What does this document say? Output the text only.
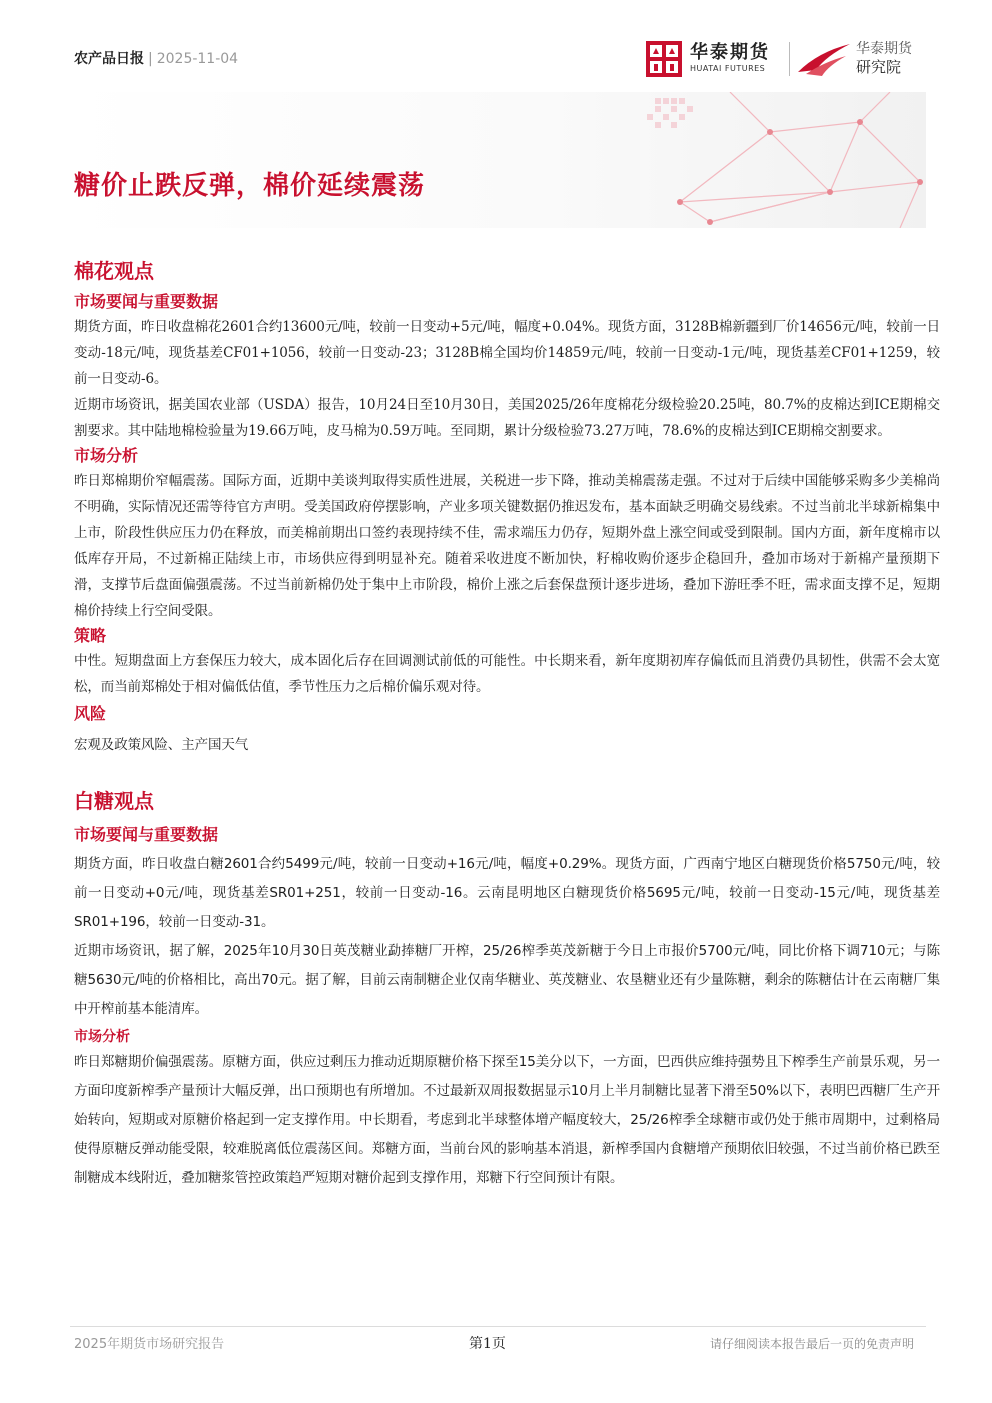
农产品日报 | 2025-11-04	华泰期货
HUATAI FUTURES
华泰期货
研究院
糖价止跌反弹，棉价延续震荡
棉花观点
市场要闻与重要数据

期货方面，昨日收盘棉花2601合约13600元/吨，较前一日变动+5元/吨，幅度+0.04%。现货方面，3128B棉新疆到厂价14656元/吨，较前一日变动-18元/吨，现货基差CF01+1056，较前一日变动-23；3128B棉全国均价14859元/吨，较前一日变动-1元/吨，现货基差CF01+1259，较前一日变动-6。

近期市场资讯，据美国农业部（USDA）报告，10月24日至10月30日，美国2025/26年度棉花分级检验20.25吨，80.7%的皮棉达到ICE期棉交割要求。其中陆地棉检验量为19.66万吨，皮马棉为0.59万吨。至同期，累计分级检验73.27万吨，78.6%的皮棉达到ICE期棉交割要求。

市场分析

昨日郑棉期价窄幅震荡。国际方面，近期中美谈判取得实质性进展，关税进一步下降，推动美棉震荡走强。不过对于后续中国能够采购多少美棉尚不明确，实际情况还需等待官方声明。受美国政府停摆影响，产业多项关键数据仍推迟发布，基本面缺乏明确交易线索。不过当前北半球新棉集中上市，阶段性供应压力仍在释放，而美棉前期出口签约表现持续不佳，需求端压力仍存，短期外盘上涨空间或受到限制。国内方面，新年度棉市以低库存开局，不过新棉正陆续上市，市场供应得到明显补充。随着采收进度不断加快，籽棉收购价逐步企稳回升，叠加市场对于新棉产量预期下滑，支撑节后盘面偏强震荡。不过当前新棉仍处于集中上市阶段，棉价上涨之后套保盘预计逐步进场，叠加下游旺季不旺，需求面支撑不足，短期棉价持续上行空间受限。

策略

中性。短期盘面上方套保压力较大，成本固化后存在回调测试前低的可能性。中长期来看，新年度期初库存偏低而且消费仍具韧性，供需不会太宽松，而当前郑棉处于相对偏低估值，季节性压力之后棉价偏乐观对待。

风险

宏观及政策风险、主产国天气

白糖观点
市场要闻与重要数据

期货方面，昨日收盘白糖2601合约5499元/吨，较前一日变动+16元/吨，幅度+0.29%。现货方面，广西南宁地区白糖现货价格5750元/吨，较前一日变动+0元/吨，现货基差SR01+251，较前一日变动-16。云南昆明地区白糖现货价格5695元/吨，较前一日变动-15元/吨，现货基差SR01+196，较前一日变动-31。

近期市场资讯，据了解，2025年10月30日英茂糖业勐捧糖厂开榨，25/26榨季英茂新糖于今日上市报价5700元/吨，同比价格下调710元；与陈糖5630元/吨的价格相比，高出70元。据了解，目前云南制糖企业仅南华糖业、英茂糖业、农垦糖业还有少量陈糖，剩余的陈糖估计在云南糖厂集中开榨前基本能清库。

市场分析

昨日郑糖期价偏强震荡。原糖方面，供应过剩压力推动近期原糖价格下探至15美分以下，一方面，巴西供应维持强势且下榨季生产前景乐观，另一方面印度新榨季产量预计大幅反弹，出口预期也有所增加。不过最新双周报数据显示10月上半月制糖比显著下滑至50%以下，表明巴西糖厂生产开始转向，短期或对原糖价格起到一定支撑作用。中长期看，考虑到北半球整体增产幅度较大，25/26榨季全球糖市或仍处于熊市周期中，过剩格局使得原糖反弹动能受限，较难脱离低位震荡区间。郑糖方面，当前台风的影响基本消退，新榨季国内食糖增产预期依旧较强，不过当前价格已跌至制糖成本线附近，叠加糖浆管控政策趋严短期对糖价起到支撑作用，郑糖下行空间预计有限。

2025年期货市场研究报告	第1页	请仔细阅读本报告最后一页的免责声明
